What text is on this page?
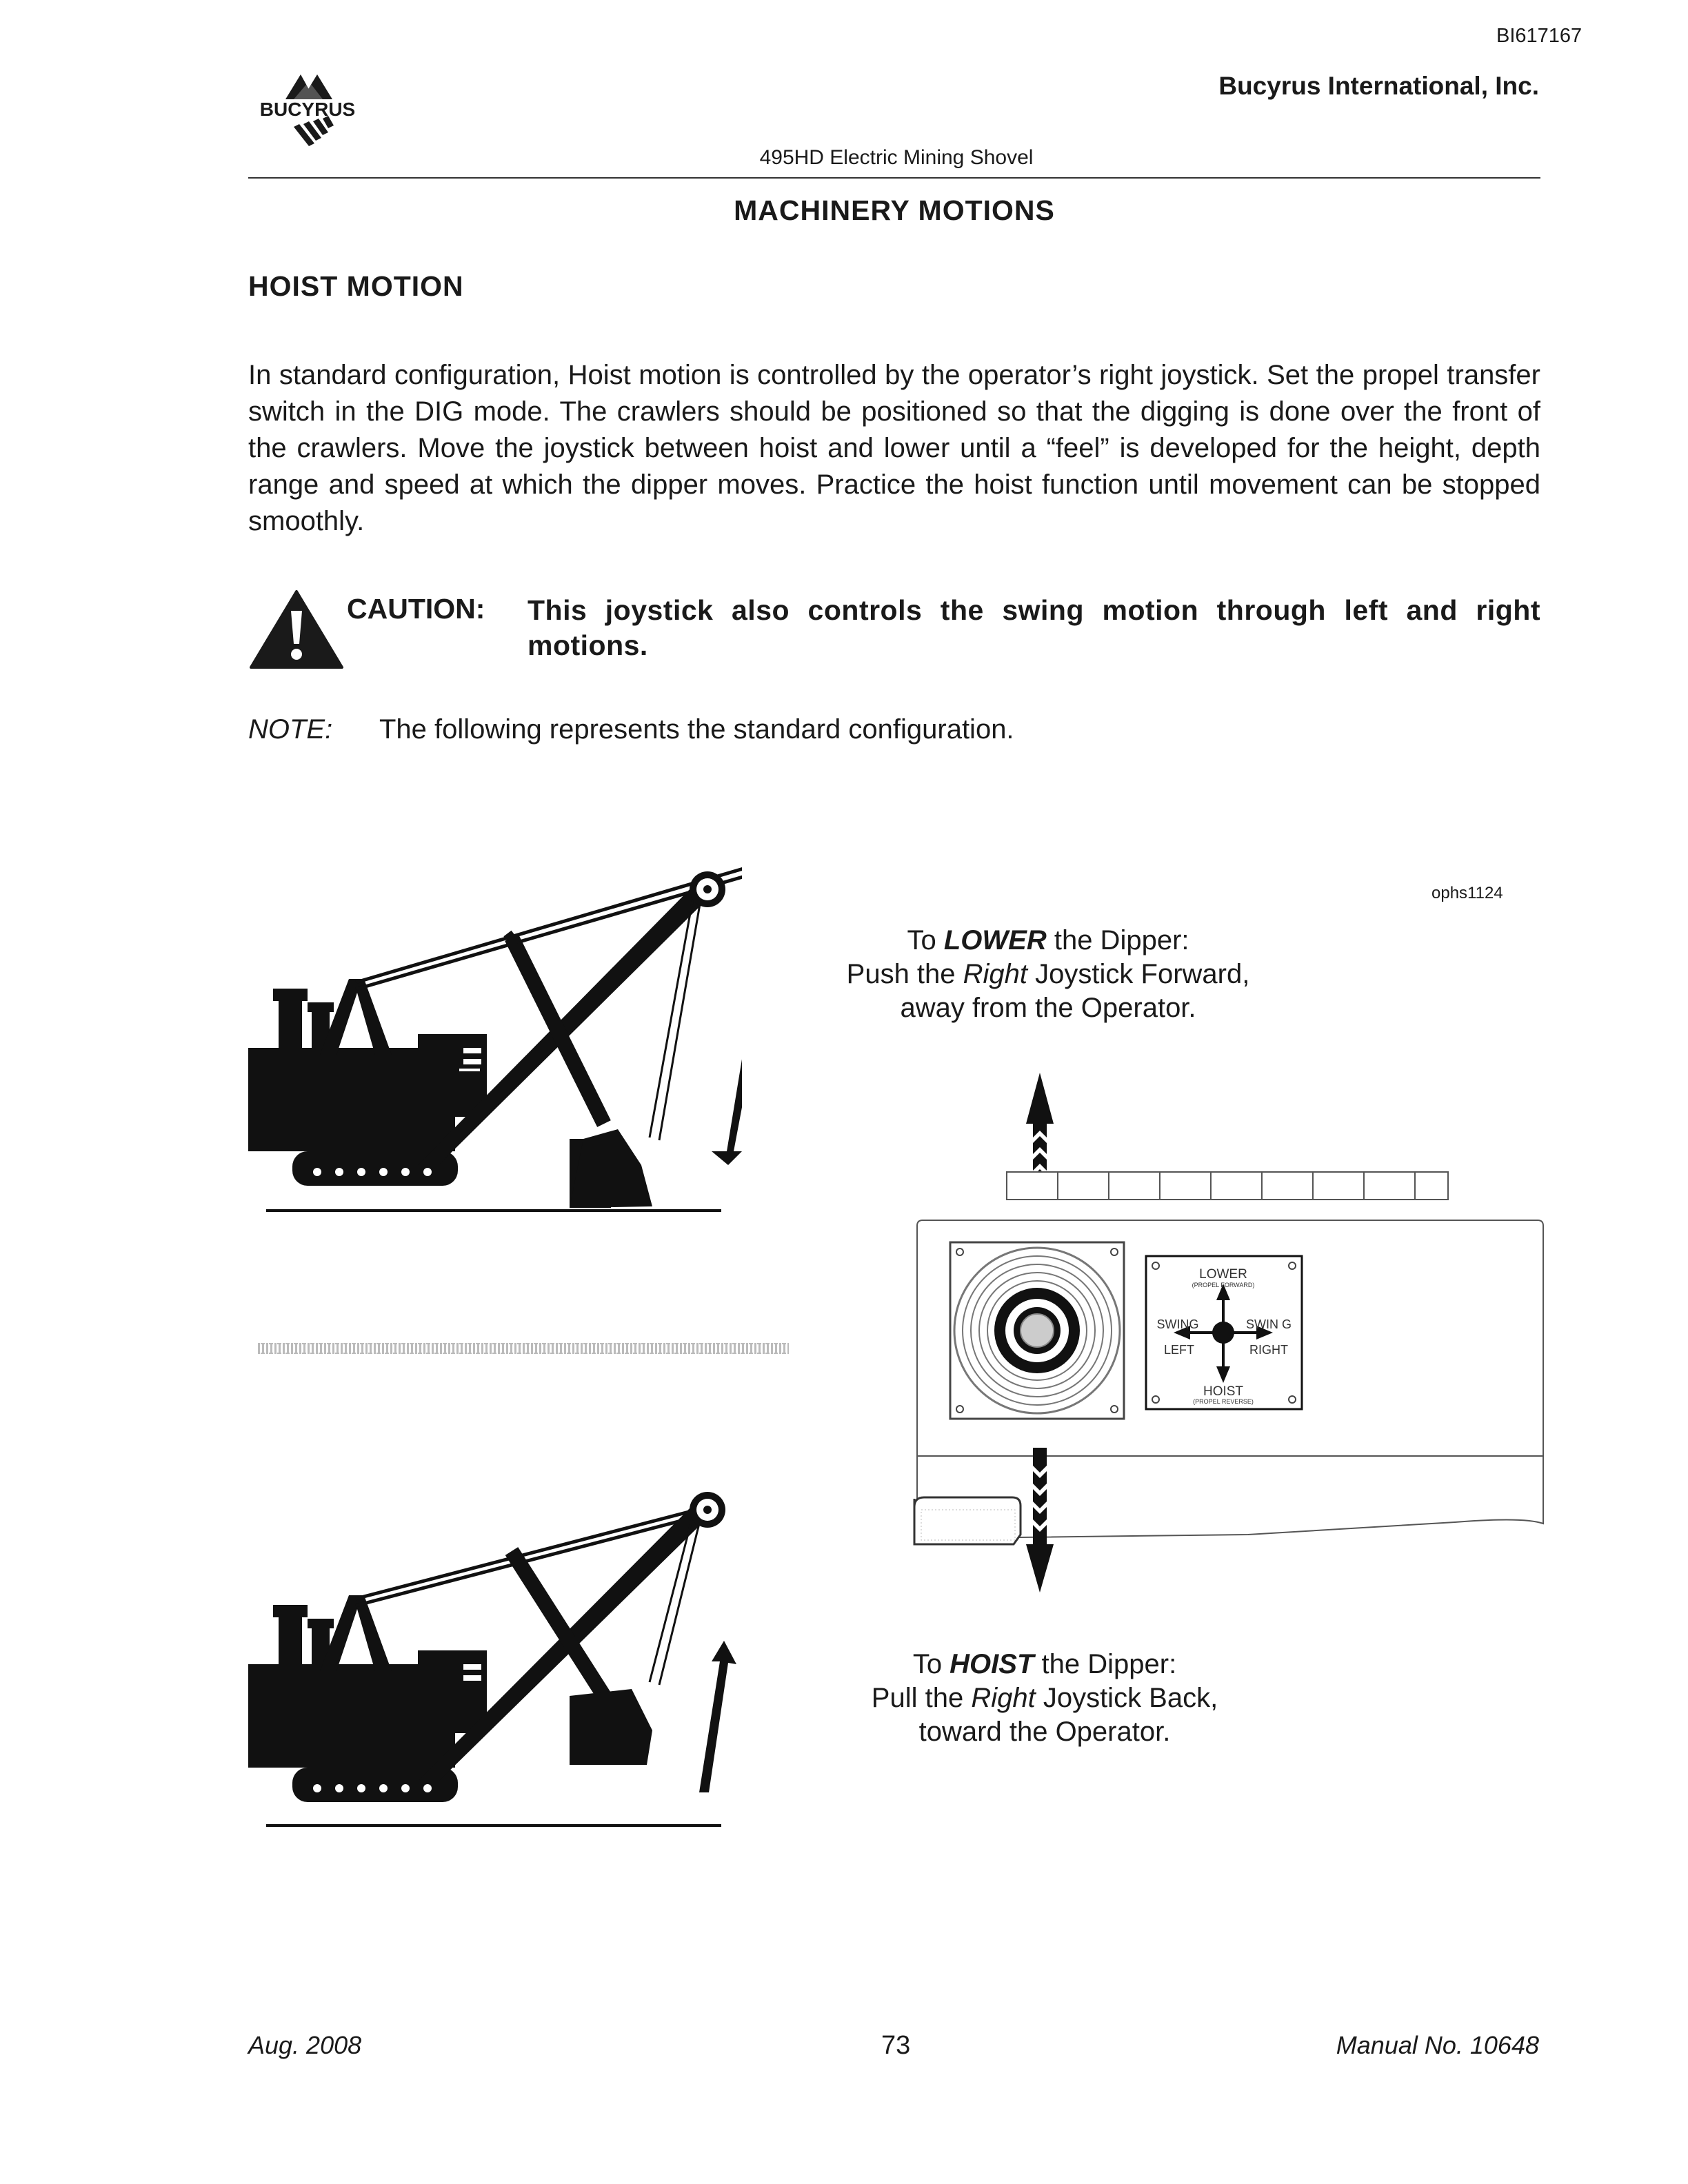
BI617167
BUCYRUS
Bucyrus International, Inc.
495HD Electric Mining Shovel
MACHINERY MOTIONS
HOIST MOTION
In standard configuration, Hoist motion is controlled by the operator’s right joystick. Set the propel transfer switch in the DIG mode. The crawlers should be positioned so that the digging is done over the front of the crawlers. Move the joystick between hoist and lower until a “feel” is developed for the height, depth range and speed at which the dipper moves. Practice the hoist function until movement can be stopped smoothly.
CAUTION: This joystick also controls the swing motion through left and right motions.
NOTE: The following represents the standard configuration.
ophs1124
To LOWER the Dipper:
Push the Right Joystick Forward,
away from the Operator.
To HOIST the Dipper:
Pull the Right Joystick Back,
toward the Operator.
LOWER
(PROPEL FORWARD)
SWING
LEFT
SWIN G
RIGHT
HOIST
(PROPEL REVERSE)
Aug. 2008	73	Manual No. 10648
